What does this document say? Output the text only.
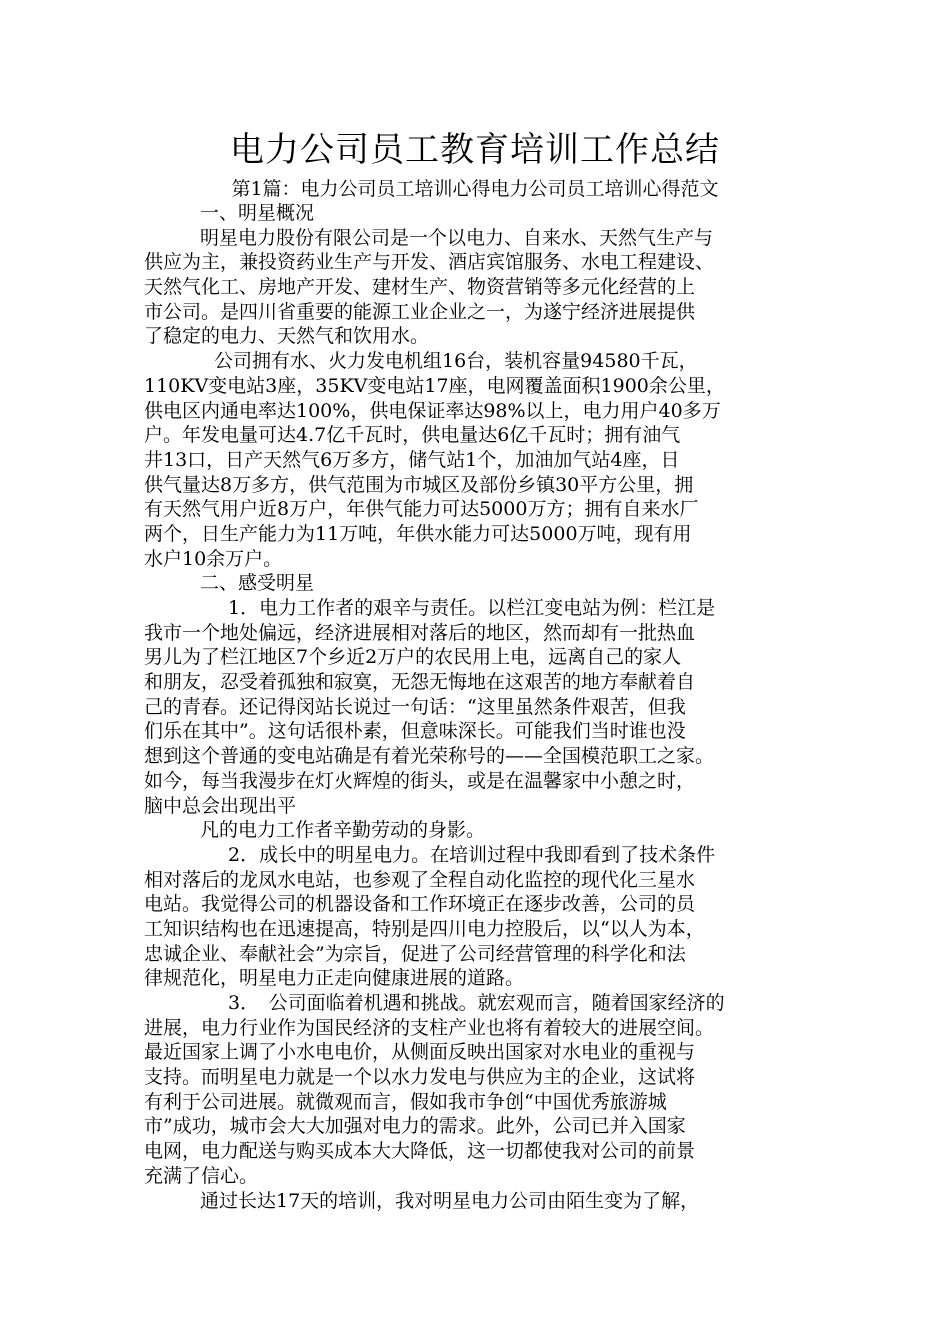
电力公司员工教育培训工作总结
第1篇：电力公司员工培训心得电力公司员工培训心得范文
一、明星概况
明星电力股份有限公司是一个以电力、自来水、天然气生产与
供应为主，兼投资药业生产与开发、酒店宾馆服务、水电工程建设、
天然气化工、房地产开发、建材生产、物资营销等多元化经营的上
市公司。是四川省重要的能源工业企业之一，为遂宁经济进展提供
了稳定的电力、天然气和饮用水。
公司拥有水、火力发电机组16台，装机容量94580千瓦，
110KV变电站3座，35KV变电站17座，电网覆盖面积1900余公里，
供电区内通电率达100%，供电保证率达98%以上，电力用户40多万
户。年发电量可达4.7亿千瓦时，供电量达6亿千瓦时；拥有油气
井13口，日产天然气6万多方，储气站1个，加油加气站4座，日
供气量达8万多方，供气范围为市城区及部份乡镇30平方公里，拥
有天然气用户近8万户，年供气能力可达5000万方；拥有自来水厂
两个，日生产能力为11万吨，年供水能力可达5000万吨，现有用
水户10余万户。
二、感受明星
1．电力工作者的艰辛与责任。以栏江变电站为例：栏江是
我市一个地处偏远，经济进展相对落后的地区，然而却有一批热血
男儿为了栏江地区7个乡近2万户的农民用上电，远离自己的家人
和朋友，忍受着孤独和寂寞，无怨无悔地在这艰苦的地方奉献着自
己的青春。还记得闵站长说过一句话：“这里虽然条件艰苦，但我
们乐在其中”。这句话很朴素，但意味深长。可能我们当时谁也没
想到这个普通的变电站确是有着光荣称号的——全国模范职工之家。
如今，每当我漫步在灯火辉煌的街头，或是在温馨家中小憩之时，
脑中总会出现出平
凡的电力工作者辛勤劳动的身影。
2．成长中的明星电力。在培训过程中我即看到了技术条件
相对落后的龙凤水电站，也参观了全程自动化监控的现代化三星水
电站。我觉得公司的机器设备和工作环境正在逐步改善，公司的员
工知识结构也在迅速提高，特别是四川电力控股后，以“以人为本，
忠诚企业、奉献社会”为宗旨，促进了公司经营管理的科学化和法
律规范化，明星电力正走向健康进展的道路。
3．　公司面临着机遇和挑战。就宏观而言，随着国家经济的
进展，电力行业作为国民经济的支柱产业也将有着较大的进展空间。
最近国家上调了小水电电价，从侧面反映出国家对水电业的重视与
支持。而明星电力就是一个以水力发电与供应为主的企业，这试将
有利于公司进展。就微观而言，假如我市争创“中国优秀旅游城
市”成功，城市会大大加强对电力的需求。此外，公司已并入国家
电网，电力配送与购买成本大大降低，这一切都使我对公司的前景
充满了信心。
通过长达17天的培训，我对明星电力公司由陌生变为了解，
